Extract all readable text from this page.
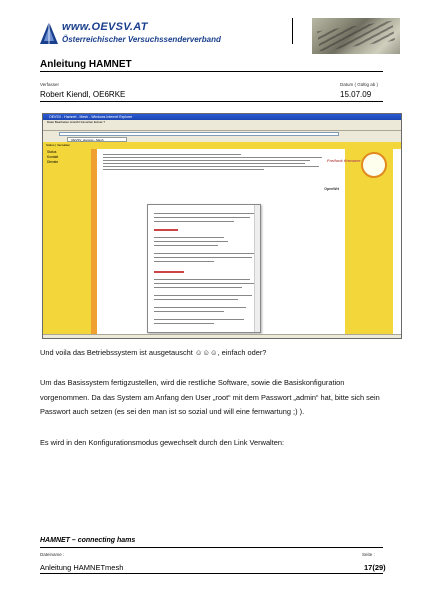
www.OEVSV.AT
Österreichischer Versuchssenderverband
Anleitung HAMNET
Verfasser	Datum ( Gültig ab )
Robert Kiendl, OE6RKE	15.07.09
OEVSV - Hamnet - Mesh - Windows Internet Explorer
Datei Bearbeiten Ansicht Favoriten Extras ?
OEVSV_Hamnet - Mesh
Status | Verwalten
Status
Kontakt
Dienste	Freifunk firmware
OpenWrt
Und voila das Betriebssystem ist ausgetauscht ☺☺☺, einfach oder?
Um das Basissystem fertigzustellen, wird die restliche Software, sowie die Basiskonfiguration
vorgenommen. Da das System am Anfang den User „root“ mit dem Passwort „admin“ hat, bitte sich sein
Passwort auch setzen (es sei den man ist so sozial und will eine fernwartung ;) ).
Es wird in den Konfigurationsmodus gewechselt durch den Link Verwalten:
HAMNET – connecting hams
Dateiname :	Seite :
Anleitung HAMNETmesh	17(29)
